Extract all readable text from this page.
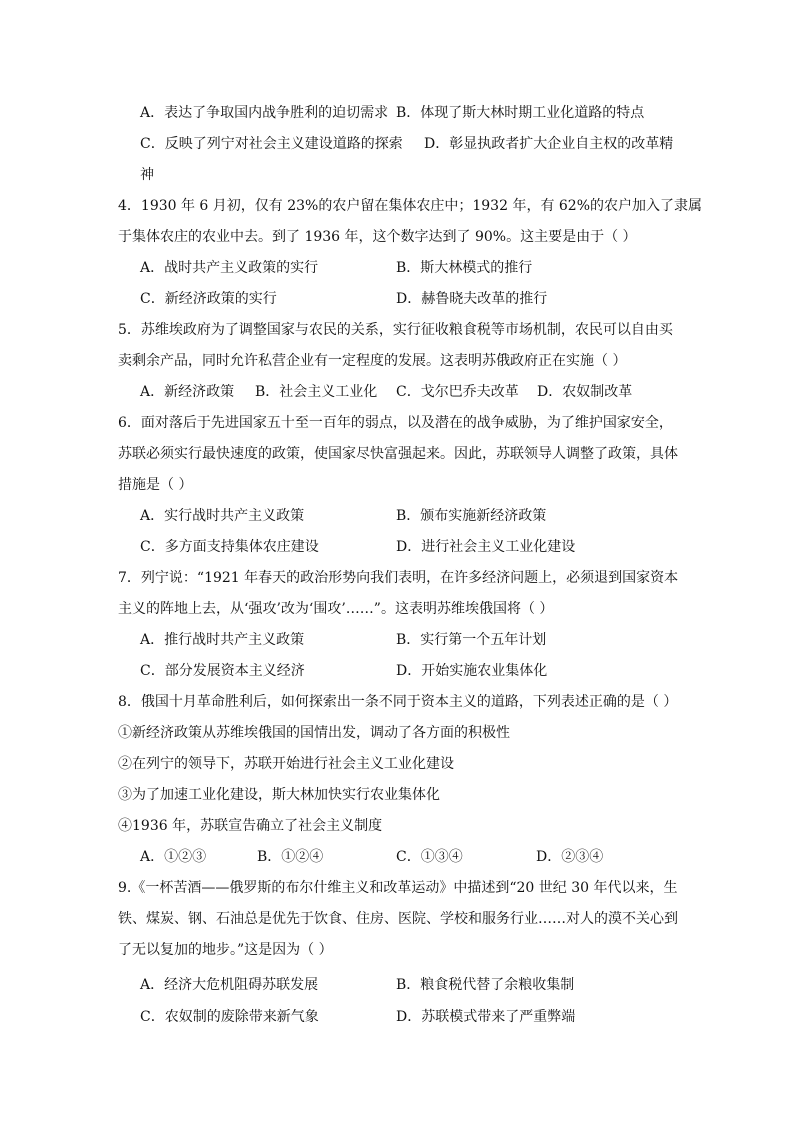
A．表达了争取国内战争胜利的迫切需求 B．体现了斯大林时期工业化道路的特点
C．反映了列宁对社会主义建设道路的探索 D．彰显执政者扩大企业自主权的改革精
神
4．1930 年 6 月初，仅有 23%的农户留在集体农庄中；1932 年，有 62%的农户加入了隶属
于集体农庄的农业中去。到了 1936 年，这个数字达到了 90%。这主要是由于（ ）
A．战时共产主义政策的实行	B．斯大林模式的推行
C．新经济政策的实行	D．赫鲁晓夫改革的推行
5．苏维埃政府为了调整国家与农民的关系，实行征收粮食税等市场机制，农民可以自由买
卖剩余产品，同时允许私营企业有一定程度的发展。这表明苏俄政府正在实施（ ）
A．新经济政策 B．社会主义工业化 C．戈尔巴乔夫改革 D．农奴制改革
6．面对落后于先进国家五十至一百年的弱点，以及潜在的战争威胁，为了维护国家安全，
苏联必须实行最快速度的政策，使国家尽快富强起来。因此，苏联领导人调整了政策，具体
措施是（ ）
A．实行战时共产主义政策	B．颁布实施新经济政策
C．多方面支持集体农庄建设	D．进行社会主义工业化建设
7．列宁说：“1921 年春天的政治形势向我们表明，在许多经济问题上，必须退到国家资本
主义的阵地上去，从‘强攻’改为‘围攻’……”。这表明苏维埃俄国将（ ）
A．推行战时共产主义政策	B．实行第一个五年计划
C．部分发展资本主义经济	D．开始实施农业集体化
8．俄国十月革命胜利后，如何探索出一条不同于资本主义的道路，下列表述正确的是（ ）
①新经济政策从苏维埃俄国的国情出发，调动了各方面的积极性
②在列宁的领导下，苏联开始进行社会主义工业化建设
③为了加速工业化建设，斯大林加快实行农业集体化
④1936 年，苏联宣告确立了社会主义制度
A．①②③	B．①②④	C．①③④	D．②③④
9.《一杯苦酒——俄罗斯的布尔什维主义和改革运动》中描述到“20 世纪 30 年代以来，生
铁、煤炭、钢、石油总是优先于饮食、住房、医院、学校和服务行业……对人的漠不关心到
了无以复加的地步。”这是因为（ ）
A．经济大危机阻碍苏联发展	B．粮食税代替了余粮收集制
C．农奴制的废除带来新气象	D．苏联模式带来了严重弊端
